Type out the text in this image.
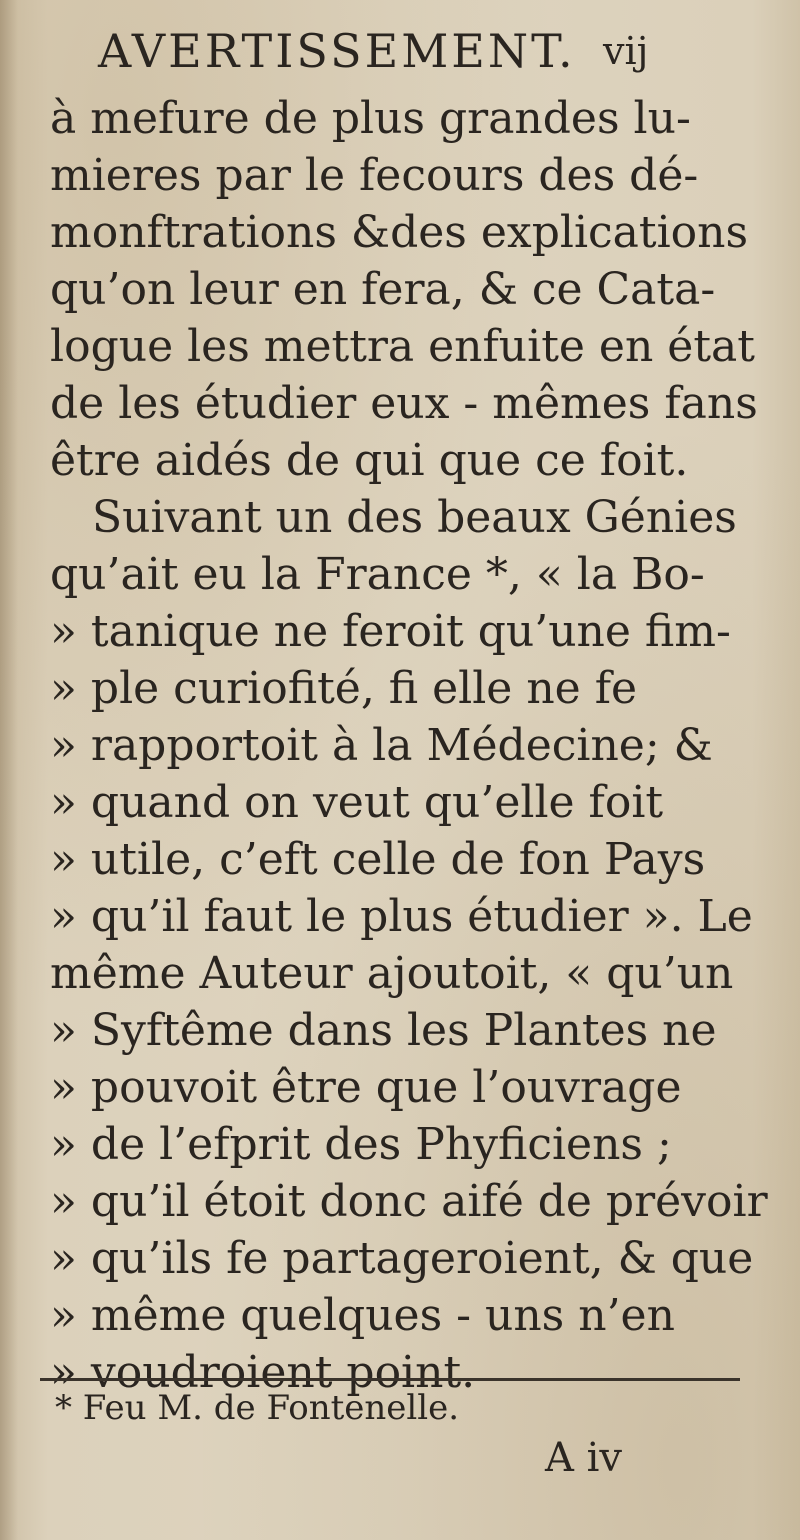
AVERTISSEMENT. vij
à mefure de plus grandes lu-
mieres par le fecours des dé-
monftrations &des explications
qu’on leur en fera, & ce Cata-
logue les mettra enfuite en état
de les étudier eux - mêmes fans
être aidés de qui que ce foit.
Suivant un des beaux Génies
qu’ait eu la France *, « la Bo-
» tanique ne feroit qu’une fim-
» ple curiofité, fi elle ne fe
» rapportoit à la Médecine; &
» quand on veut qu’elle foit
» utile, c’eft celle de fon Pays
» qu’il faut le plus étudier ». Le
même Auteur ajoutoit, « qu’un
» Syftême dans les Plantes ne
» pouvoit être que l’ouvrage
» de l’efprit des Phyficiens ;
» qu’il étoit donc aifé de prévoir
» qu’ils fe partageroient, & que
» même quelques - uns n’en
» voudroient point.
* Feu M. de Fontenelle.
A iv
